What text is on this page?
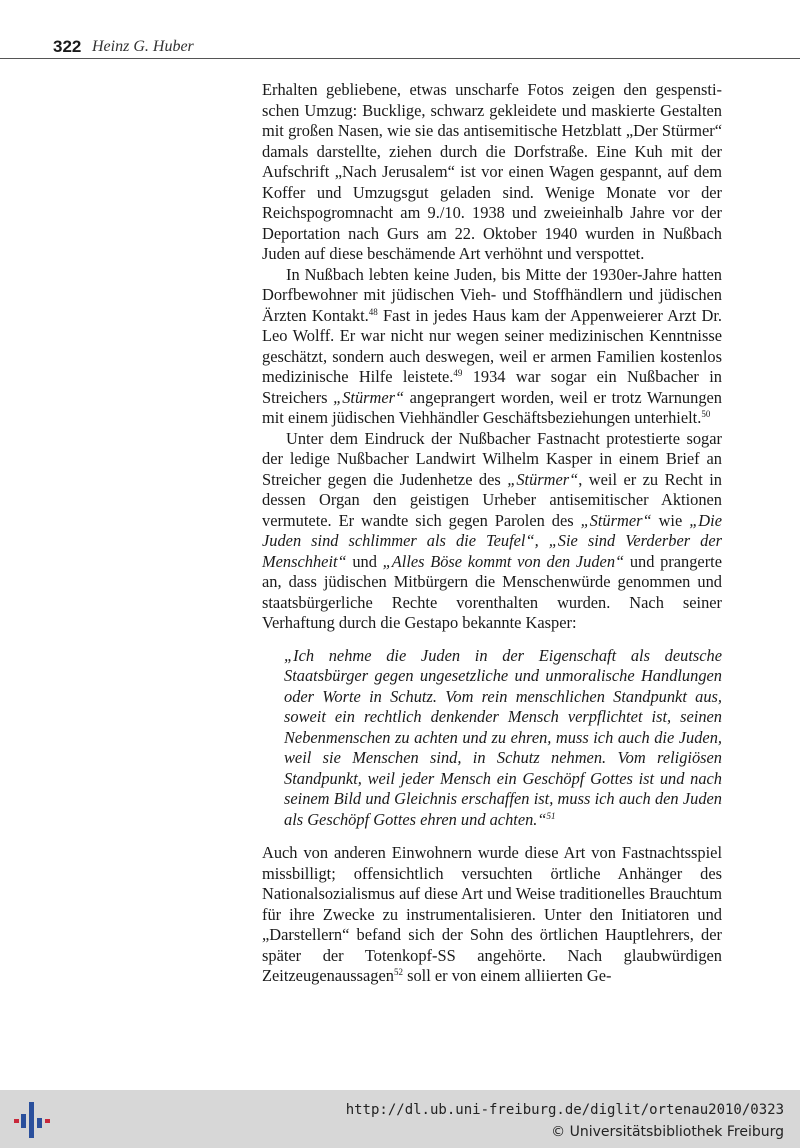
322 Heinz G. Huber

Erhalten gebliebene, etwas unscharfe Fotos zeigen den gespenstischen Umzug: Bucklige, schwarz gekleidete und maskierte Gestalten mit großen Nasen, wie sie das antisemitische Hetzblatt „Der Stürmer“ damals darstellte, ziehen durch die Dorfstraße. Eine Kuh mit der Aufschrift „Nach Jerusalem“ ist vor einen Wagen gespannt, auf dem Koffer und Umzugsgut geladen sind. Wenige Monate vor der Reichspogromnacht am 9./10. 1938 und zweieinhalb Jahre vor der Deportation nach Gurs am 22. Oktober 1940 wurden in Nußbach Juden auf diese beschämende Art verhöhnt und verspottet.

In Nußbach lebten keine Juden, bis Mitte der 1930er-Jahre hatten Dorfbewohner mit jüdischen Vieh- und Stoffhändlern und jüdischen Ärzten Kontakt.$^{48}$ Fast in jedes Haus kam der Appenweierer Arzt Dr. Leo Wolff. Er war nicht nur wegen seiner medizinischen Kenntnisse geschätzt, sondern auch deswegen, weil er armen Familien kostenlos medizinische Hilfe leistete.$^{49}$ 1934 war sogar ein Nußbacher in Streichers „Stürmer“ angeprangert worden, weil er trotz Warnungen mit einem jüdischen Viehhändler Geschäftsbeziehungen unterhielt.$^{50}$

Unter dem Eindruck der Nußbacher Fastnacht protestierte sogar der ledige Nußbacher Landwirt Wilhelm Kasper in einem Brief an Streicher gegen die Judenhetze des „Stürmer“, weil er zu Recht in dessen Organ den geistigen Urheber antisemitischer Aktionen vermutete. Er wandte sich gegen Parolen des „Stürmer“ wie „Die Juden sind schlimmer als die Teufel“, „Sie sind Verderber der Menschheit“ und „Alles Böse kommt von den Juden“ und prangerte an, dass jüdischen Mitbürgern die Menschenwürde genommen und staatsbürgerliche Rechte vorenthalten wurden. Nach seiner Verhaftung durch die Gestapo bekannte Kasper:

„Ich nehme die Juden in der Eigenschaft als deutsche Staatsbürger gegen ungesetzliche und unmoralische Handlungen oder Worte in Schutz. Vom rein menschlichen Standpunkt aus, soweit ein rechtlich denkender Mensch verpflichtet ist, seinen Nebenmenschen zu achten und zu ehren, muss ich auch die Juden, weil sie Menschen sind, in Schutz nehmen. Vom religiösen Standpunkt, weil jeder Mensch ein Geschöpf Gottes ist und nach seinem Bild und Gleichnis erschaffen ist, muss ich auch den Juden als Geschöpf Gottes ehren und achten.“$^{51}$

Auch von anderen Einwohnern wurde diese Art von Fastnachtsspiel missbilligt; offensichtlich versuchten örtliche Anhänger des Nationalsozialismus auf diese Art und Weise traditionelles Brauchtum für ihre Zwecke zu instrumentalisieren. Unter den Initiatoren und „Darstellern“ befand sich der Sohn des örtlichen Hauptlehrers, der später der Totenkopf-SS angehörte. Nach glaubwürdigen Zeitzeugenaussagen$^{52}$ soll er von einem alliierten Ge-

http://dl.ub.uni-freiburg.de/diglit/ortenau2010/0323
© Universitätsbibliothek Freiburg
